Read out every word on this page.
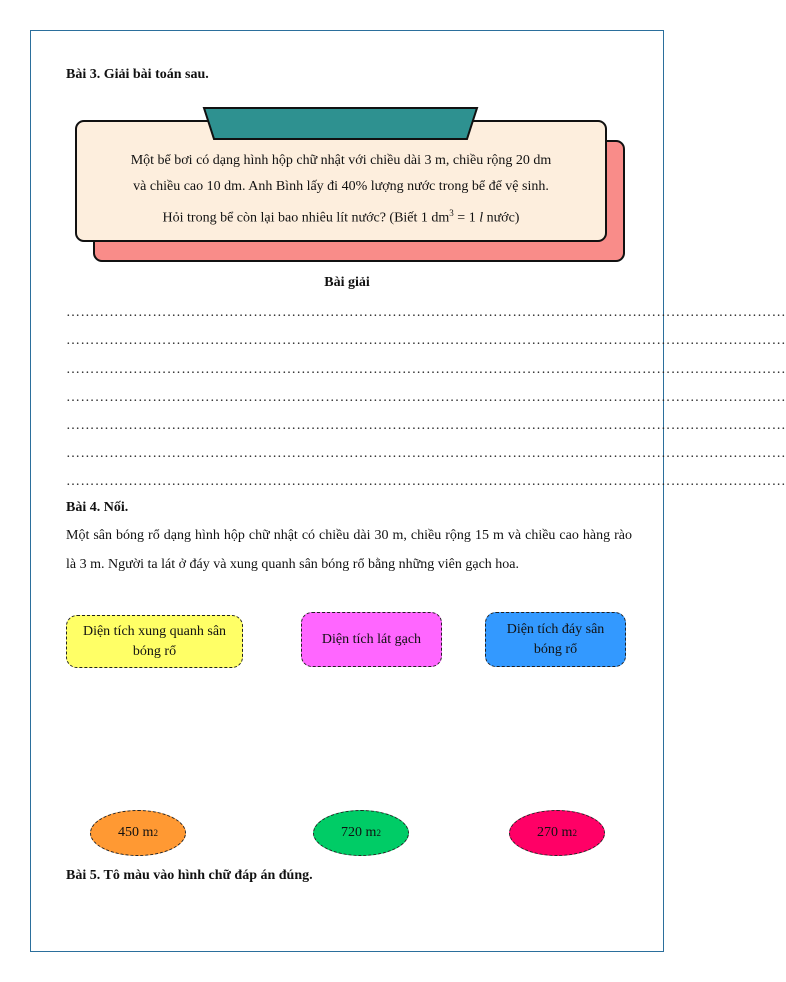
Bài 3. Giải bài toán sau.
Một bể bơi có dạng hình hộp chữ nhật với chiều dài 3 m, chiều rộng 20 dm
và chiều cao 10 dm. Anh Bình lấy đi 40% lượng nước trong bể để vệ sinh.
Hỏi trong bể còn lại bao nhiêu lít nước? (Biết 1 $dm^3 = 1$ l nước)
Bài giải
……………………………………………………………………………………………………………………………………
……………………………………………………………………………………………………………………………………
……………………………………………………………………………………………………………………………………
……………………………………………………………………………………………………………………………………
……………………………………………………………………………………………………………………………………
……………………………………………………………………………………………………………………………………
……………………………………………………………………………………………………………………………………
Bài 4. Nối.
Một sân bóng rổ dạng hình hộp chữ nhật có chiều dài 30 m, chiều rộng 15 m và chiều cao hàng rào là 3 m. Người ta lát ở đáy và xung quanh sân bóng rổ bằng những viên gạch hoa.
Diện tích xung quanh sân bóng rổ
Diện tích lát gạch
Diện tích đáy sân bóng rổ
450 m 2	720 m 2	270 m 2
Bài 5. Tô màu vào hình chữ đáp án đúng.
